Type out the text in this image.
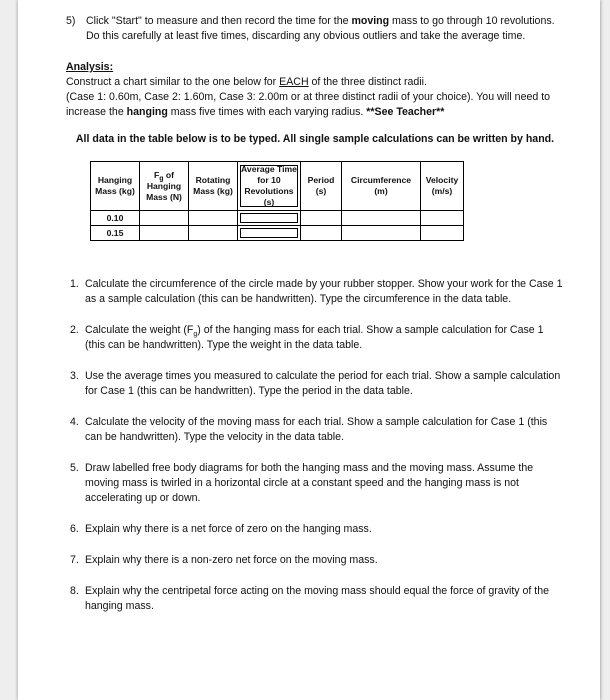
5) Click "Start" to measure and then record the time for the moving mass to go through 10 revolutions. Do this carefully at least five times, discarding any obvious outliers and take the average time.
Analysis:
Construct a chart similar to the one below for EACH of the three distinct radii.
(Case 1: 0.60m, Case 2: 1.60m, Case 3: 2.00m or at three distinct radii of your choice). You will need to increase the hanging mass five times with each varying radius. **See Teacher**
All data in the table below is to be typed. All single sample calculations can be written by hand.
Hanging Mass (kg)	$F_g$ of Hanging Mass (N)	Rotating Mass (kg)	Average Time for 10 Revolutions (s)	Period (s)	Circumference (m)	Velocity (m/s)
0.10			

0.15			

1. Calculate the circumference of the circle made by your rubber stopper. Show your work for the Case 1 as a sample calculation (this can be handwritten). Type the circumference in the data table.
2. Calculate the weight $(F_g)$ of the hanging mass for each trial. Show a sample calculation for Case 1 (this can be handwritten). Type the weight in the data table.
3. Use the average times you measured to calculate the period for each trial. Show a sample calculation for Case 1 (this can be handwritten). Type the period in the data table.
4. Calculate the velocity of the moving mass for each trial. Show a sample calculation for Case 1 (this can be handwritten). Type the velocity in the data table.
5. Draw labelled free body diagrams for both the hanging mass and the moving mass. Assume the moving mass is twirled in a horizontal circle at a constant speed and the hanging mass is not accelerating up or down.
6. Explain why there is a net force of zero on the hanging mass.
7. Explain why there is a non-zero net force on the moving mass.
8. Explain why the centripetal force acting on the moving mass should equal the force of gravity of the hanging mass.
